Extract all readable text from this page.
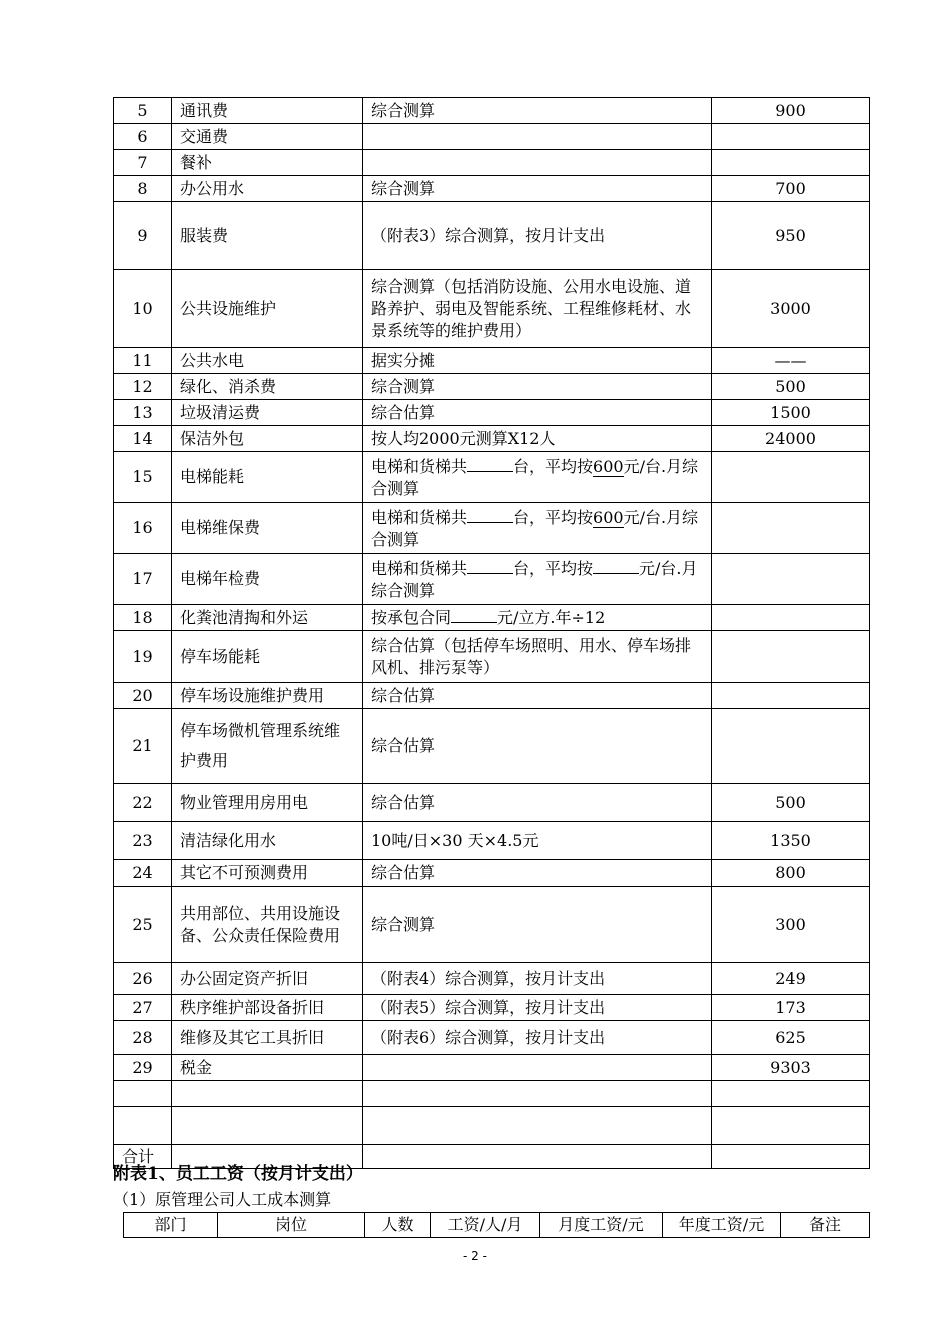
5	通讯费	综合测算	900
6	交通费		
7	餐补		
8	办公用水	综合测算	700
9	服装费	（附表3）综合测算，按月计支出	950
10	公共设施维护	综合测算（包括消防设施、公用水电设施、道路养护、弱电及智能系统、工程维修耗材、水景系统等的维护费用）	3000
11	公共水电	据实分摊	——
12	绿化、消杀费	综合测算	500
13	垃圾清运费	综合估算	1500
14	保洁外包	按人均2000元测算X12人	24000
15	电梯能耗	电梯和货梯共 台，平均按600元/台.月综合测算	
16	电梯维保费	电梯和货梯共 台，平均按600元/台.月综合测算	
17	电梯年检费	电梯和货梯共 台，平均按 元/台.月综合测算	
18	化粪池清掏和外运	按承包合同 元/立方.年÷12	
19	停车场能耗	综合估算（包括停车场照明、用水、停车场排风机、排污泵等）	
20	停车场设施维护费用	综合估算	
21	停车场微机管理系统维护费用	综合估算	
22	物业管理用房用电	综合估算	500
23	清洁绿化用水	10吨/日×30 天×4.5元	1350
24	其它不可预测费用	综合估算	800
25	共用部位、共用设施设备、公众责任保险费用	综合测算	300
26	办公固定资产折旧	（附表4）综合测算，按月计支出	249
27	秩序维护部设备折旧	（附表5）综合测算，按月计支出	173
28	维修及其它工具折旧	（附表6）综合测算，按月计支出	625
29	税金		9303

合计			
附表1、员工工资（按月计支出）
（1）原管理公司人工成本测算
部门	岗位	人数	工资/人/月	月度工资/元	年度工资/元	备注
- 2 -
